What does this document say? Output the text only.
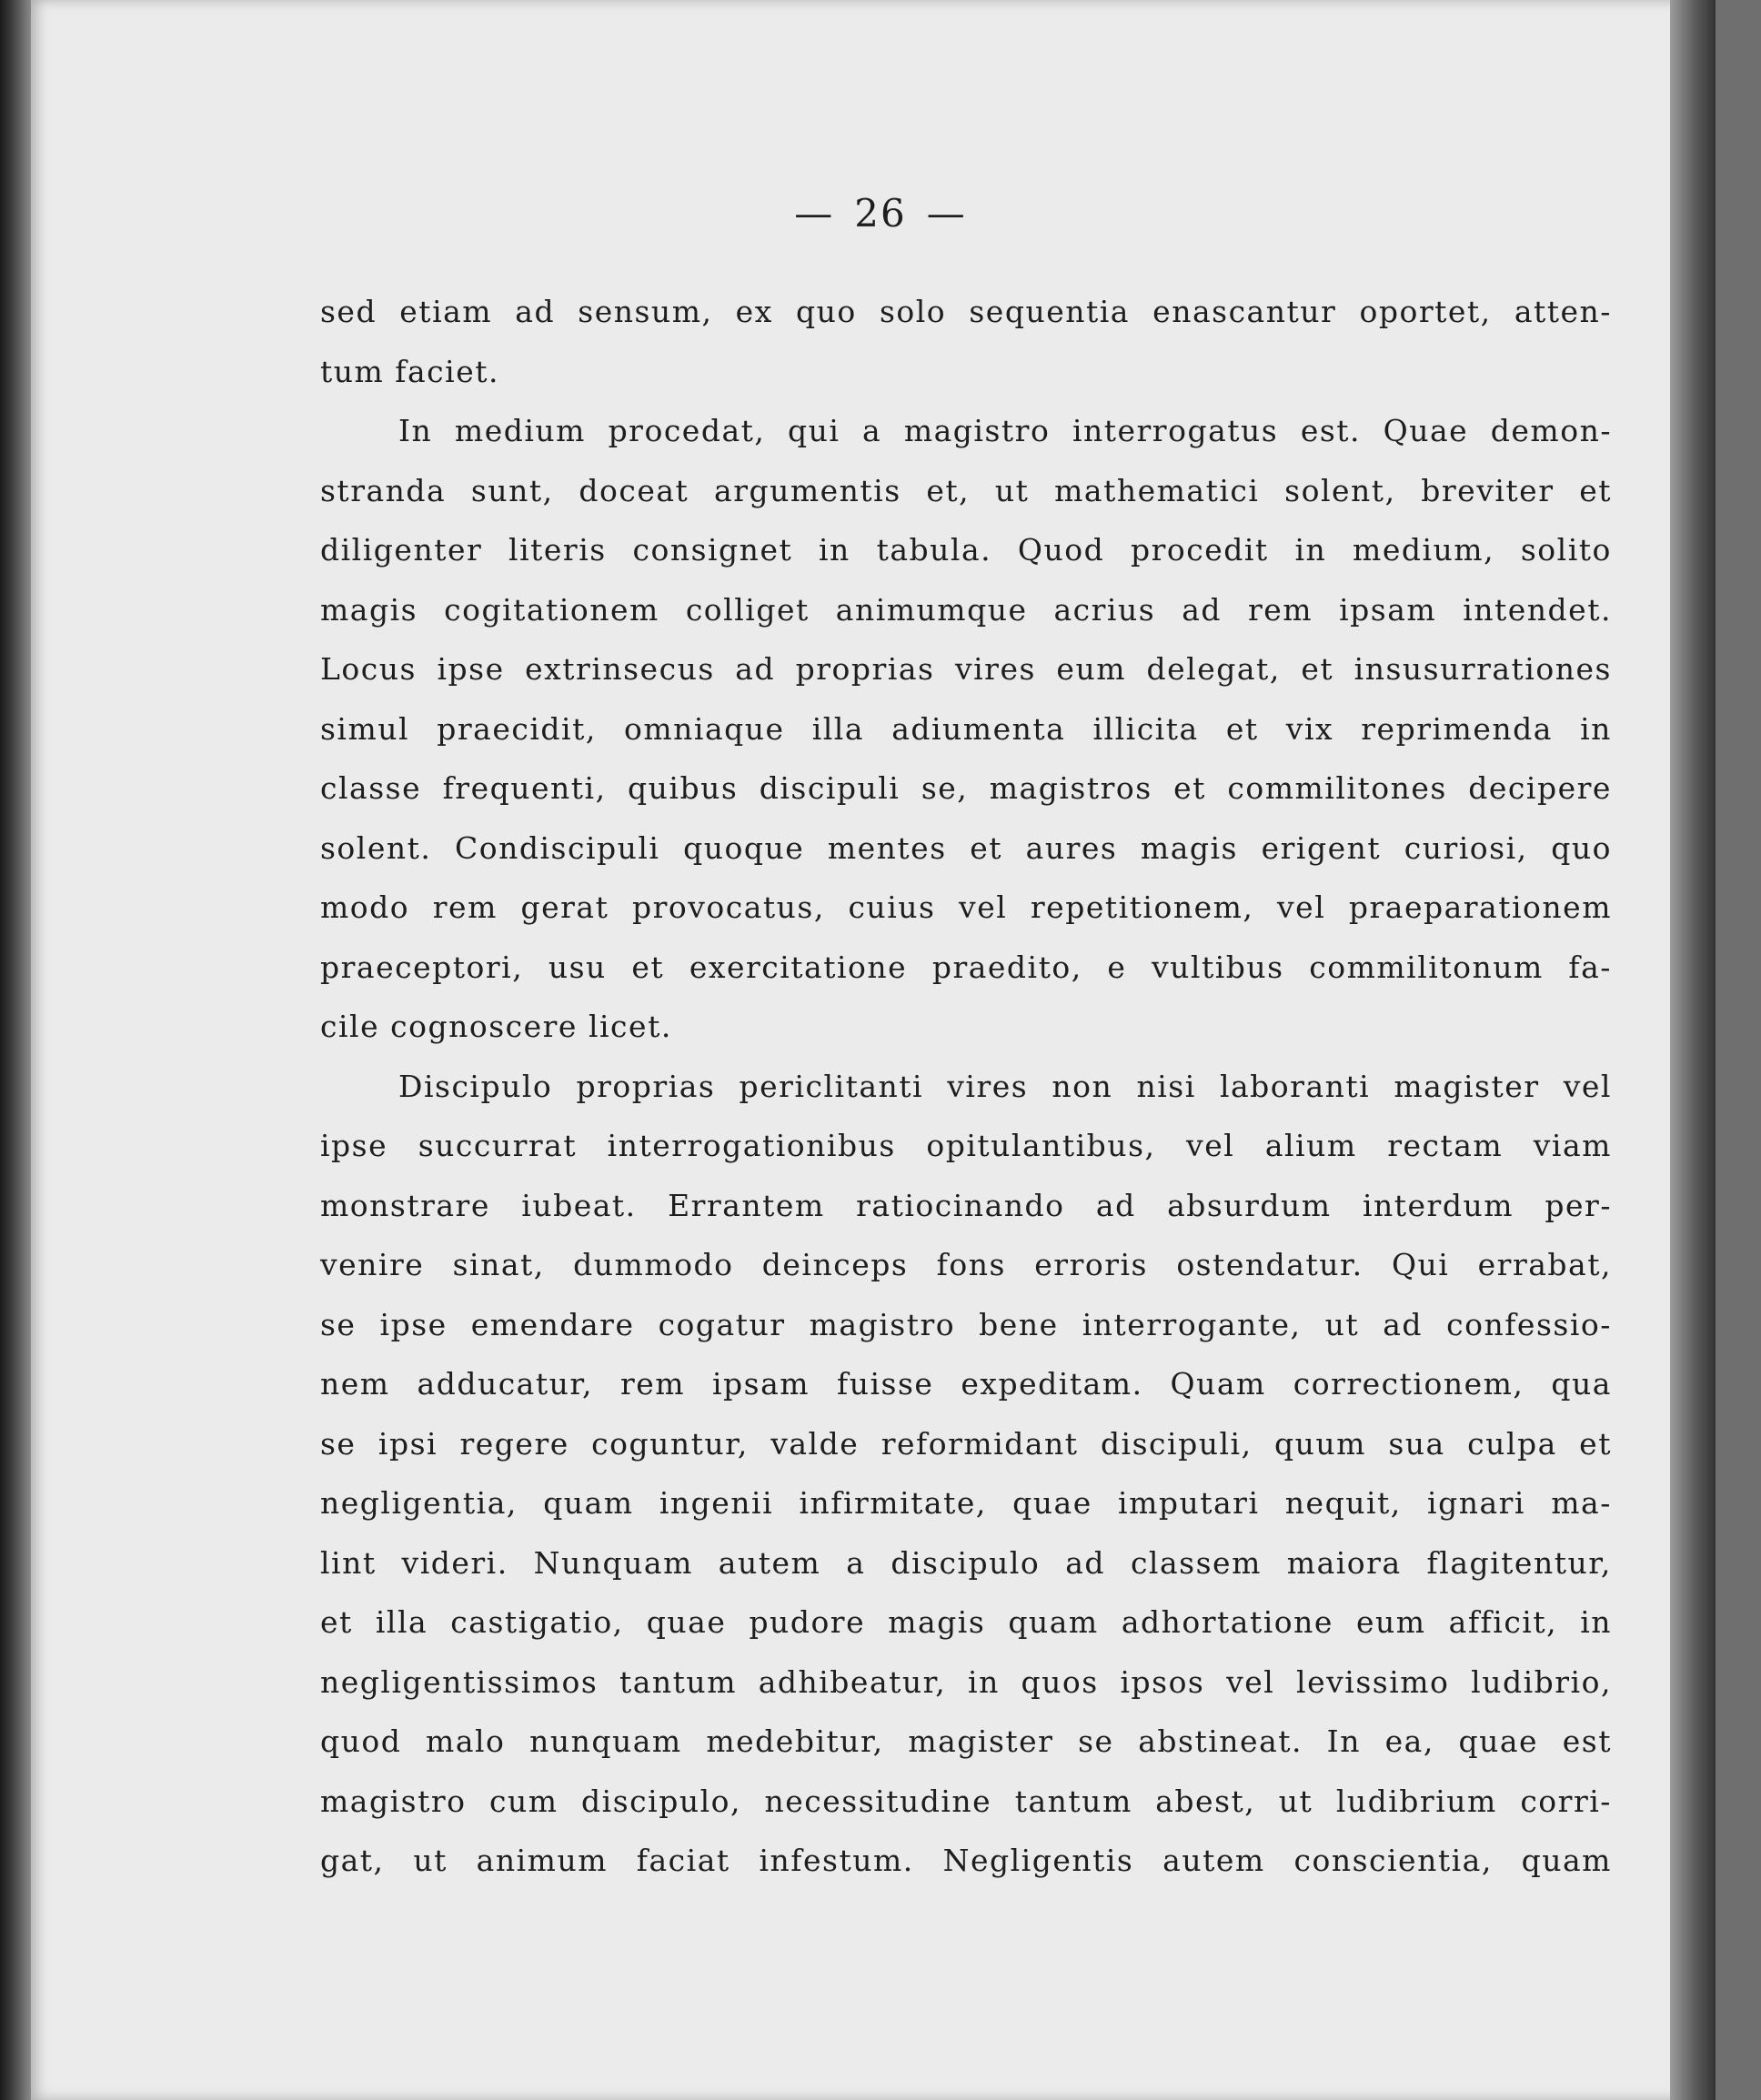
— 26 —
sed etiam ad sensum, ex quo solo sequentia enascantur oportet, atten-
tum faciet.
In medium procedat, qui a magistro interrogatus est. Quae demon-
stranda sunt, doceat argumentis et, ut mathematici solent, breviter et
diligenter literis consignet in tabula. Quod procedit in medium, solito
magis cogitationem colliget animumque acrius ad rem ipsam intendet.
Locus ipse extrinsecus ad proprias vires eum delegat, et insusurrationes
simul praecidit, omniaque illa adiumenta illicita et vix reprimenda in
classe frequenti, quibus discipuli se, magistros et commilitones decipere
solent. Condiscipuli quoque mentes et aures magis erigent curiosi, quo
modo rem gerat provocatus, cuius vel repetitionem, vel praeparationem
praeceptori, usu et exercitatione praedito, e vultibus commilitonum fa-
cile cognoscere licet.
Discipulo proprias periclitanti vires non nisi laboranti magister vel
ipse succurrat interrogationibus opitulantibus, vel alium rectam viam
monstrare iubeat. Errantem ratiocinando ad absurdum interdum per-
venire sinat, dummodo deinceps fons erroris ostendatur. Qui errabat,
se ipse emendare cogatur magistro bene interrogante, ut ad confessio-
nem adducatur, rem ipsam fuisse expeditam. Quam correctionem, qua
se ipsi regere coguntur, valde reformidant discipuli, quum sua culpa et
negligentia, quam ingenii infirmitate, quae imputari nequit, ignari ma-
lint videri. Nunquam autem a discipulo ad classem maiora flagitentur,
et illa castigatio, quae pudore magis quam adhortatione eum afficit, in
negligentissimos tantum adhibeatur, in quos ipsos vel levissimo ludibrio,
quod malo nunquam medebitur, magister se abstineat. In ea, quae est
magistro cum discipulo, necessitudine tantum abest, ut ludibrium corri-
gat, ut animum faciat infestum. Negligentis autem conscientia, quam
